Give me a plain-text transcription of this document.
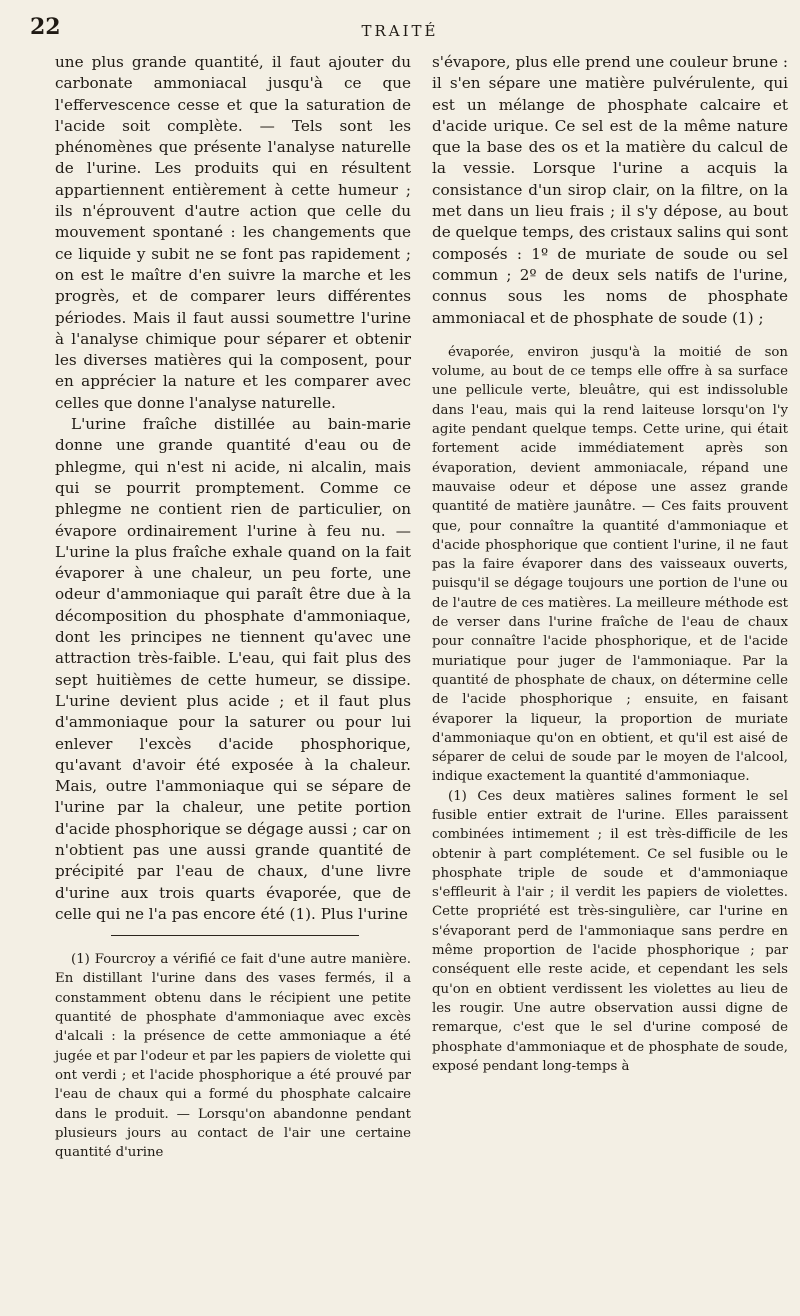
22	TRAITÉ

une plus grande quantité, il faut ajouter du carbonate ammoniacal jusqu'à ce que l'effervescence cesse et que la saturation de l'acide soit complète. — Tels sont les phénomènes que présente l'analyse naturelle de l'urine. Les produits qui en résultent appartiennent entièrement à cette humeur ; ils n'éprouvent d'autre action que celle du mouvement spontané : les changements que ce liquide y subit ne se font pas rapidement ; on est le maître d'en suivre la marche et les progrès, et de comparer leurs différentes périodes. Mais il faut aussi soumettre l'urine à l'analyse chimique pour séparer et obtenir les diverses matières qui la composent, pour en apprécier la nature et les comparer avec celles que donne l'analyse naturelle.

L'urine fraîche distillée au bain-marie donne une grande quantité d'eau ou de phlegme, qui n'est ni acide, ni alcalin, mais qui se pourrit promptement. Comme ce phlegme ne contient rien de particulier, on évapore ordinairement l'urine à feu nu. — L'urine la plus fraîche exhale quand on la fait évaporer à une chaleur, un peu forte, une odeur d'ammoniaque qui paraît être due à la décomposition du phosphate d'ammoniaque, dont les principes ne tiennent qu'avec une attraction très-faible. L'eau, qui fait plus des sept huitièmes de cette humeur, se dissipe. L'urine devient plus acide ; et il faut plus d'ammoniaque pour la saturer ou pour lui enlever l'excès d'acide phosphorique, qu'avant d'avoir été exposée à la chaleur. Mais, outre l'ammoniaque qui se sépare de l'urine par la chaleur, une petite portion d'acide phosphorique se dégage aussi ; car on n'obtient pas une aussi grande quantité de précipité par l'eau de chaux, d'une livre d'urine aux trois quarts évaporée, que de celle qui ne l'a pas encore été (1). Plus l'urine

(1) Fourcroy a vérifié ce fait d'une autre manière. En distillant l'urine dans des vases fermés, il a constamment obtenu dans le récipient une petite quantité de phosphate d'ammoniaque avec excès d'alcali : la présence de cette ammoniaque a été jugée et par l'odeur et par les papiers de violette qui ont verdi ; et l'acide phosphorique a été prouvé par l'eau de chaux qui a formé du phosphate calcaire dans le produit. — Lorsqu'on abandonne pendant plusieurs jours au contact de l'air une certaine quantité d'urine

s'évapore, plus elle prend une couleur brune : il s'en sépare une matière pulvérulente, qui est un mélange de phosphate calcaire et d'acide urique. Ce sel est de la même nature que la base des os et la matière du calcul de la vessie. Lorsque l'urine a acquis la consistance d'un sirop clair, on la filtre, on la met dans un lieu frais ; il s'y dépose, au bout de quelque temps, des cristaux salins qui sont composés : 1º de muriate de soude ou sel commun ; 2º de deux sels natifs de l'urine, connus sous les noms de phosphate ammoniacal et de phosphate de soude (1) ;

évaporée, environ jusqu'à la moitié de son volume, au bout de ce temps elle offre à sa surface une pellicule verte, bleuâtre, qui est indissoluble dans l'eau, mais qui la rend laiteuse lorsqu'on l'y agite pendant quelque temps. Cette urine, qui était fortement acide immédiatement après son évaporation, devient ammoniacale, répand une mauvaise odeur et dépose une assez grande quantité de matière jaunâtre. — Ces faits prouvent que, pour connaître la quantité d'ammoniaque et d'acide phosphorique que contient l'urine, il ne faut pas la faire évaporer dans des vaisseaux ouverts, puisqu'il se dégage toujours une portion de l'une ou de l'autre de ces matières. La meilleure méthode est de verser dans l'urine fraîche de l'eau de chaux pour connaître l'acide phosphorique, et de l'acide muriatique pour juger de l'ammoniaque. Par la quantité de phosphate de chaux, on détermine celle de l'acide phosphorique ; ensuite, en faisant évaporer la liqueur, la proportion de muriate d'ammoniaque qu'on en obtient, et qu'il est aisé de séparer de celui de soude par le moyen de l'alcool, indique exactement la quantité d'ammoniaque.

(1) Ces deux matières salines forment le sel fusible entier extrait de l'urine. Elles paraissent combinées intimement ; il est très-difficile de les obtenir à part complétement. Ce sel fusible ou le phosphate triple de soude et d'ammoniaque s'effleurit à l'air ; il verdit les papiers de violettes. Cette propriété est très-singulière, car l'urine en s'évaporant perd de l'ammoniaque sans perdre en même proportion de l'acide phosphorique ; par conséquent elle reste acide, et cependant les sels qu'on en obtient verdissent les violettes au lieu de les rougir. Une autre observation aussi digne de remarque, c'est que le sel d'urine composé de phosphate d'ammoniaque et de phosphate de soude, exposé pendant long-temps à
